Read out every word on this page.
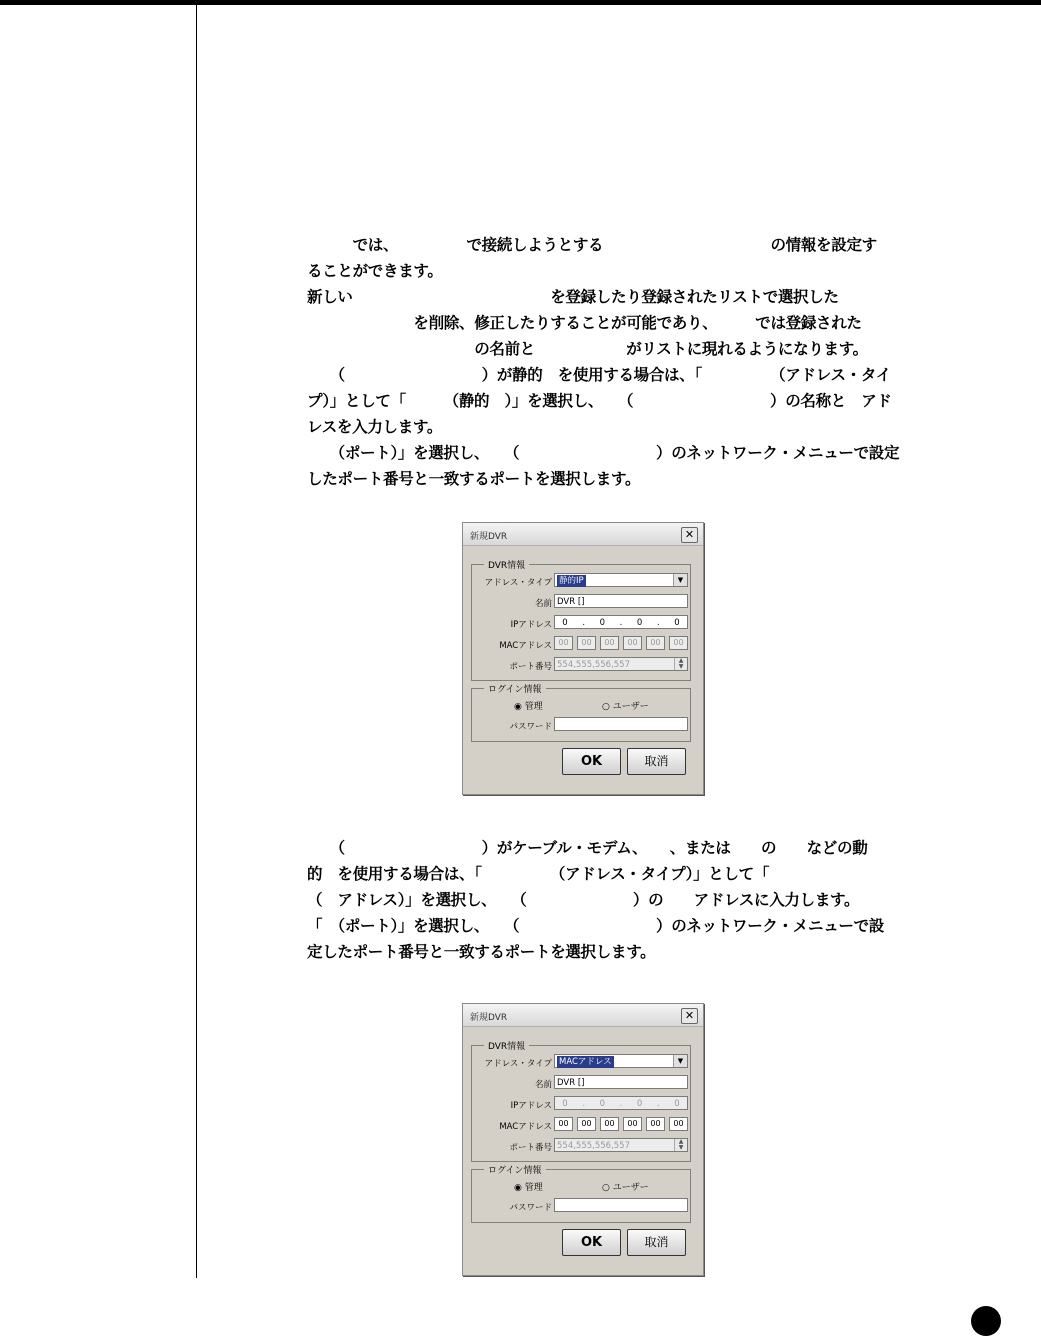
　　　では、　　　　　で接続しようとする　　　　　　　　　　　の情報を設定す
ることができます。
新しい　　　　　　　　　　　　　を登録したり登録されたリストで選択した
　　　　　　　を削除、修正したりすることが可能であり、　　　では登録された
　　　　　　　　　　　の名前と　　　　　　がリストに現れるようになります。
　　（　　　　　　　　　）が静的　を使用する場合は、「　　　　　（アドレス・タイ
プ）」として「　　　（静的　）」を選択し、　　（　　　　　　　　　）の名称と　アド
レスを入力します。
　　（ポート）」を選択し、　　（　　　　　　　　　）のネットワーク・メニューで設定
したポート番号と一致するポートを選択します。
新規DVR	✕
DVR情報
アドレス・タイプ 静的IP	▼
名前 DVR []
IPアドレス 0 . 0 . 0 . 0
MACアドレス 00	00	00	00	00	00
ポート番号 554,555,556,557	▲
▼
ログイン情報
◉ 管理	○ ユーザー
パスワード
OK	取消
　　（　　　　　　　　　）がケーブル・モデム、　　、または　　の　　などの動
的　を使用する場合は、「　　　　　（アドレス・タイプ）」として「
（　アドレス）」を選択し、　　（　　　　　　　）の　　アドレスに入力します。
「　（ポート）」を選択し、　　（　　　　　　　　　）のネットワーク・メニューで設
定したポート番号と一致するポートを選択します。
新規DVR	✕
DVR情報
アドレス・タイプ MACアドレス	▼
名前 DVR []
IPアドレス 0 . 0 . 0 . 0
MACアドレス 00	00	00	00	00	00
ポート番号 554,555,556,557	▲
▼
ログイン情報
◉ 管理	○ ユーザー
パスワード
OK	取消
